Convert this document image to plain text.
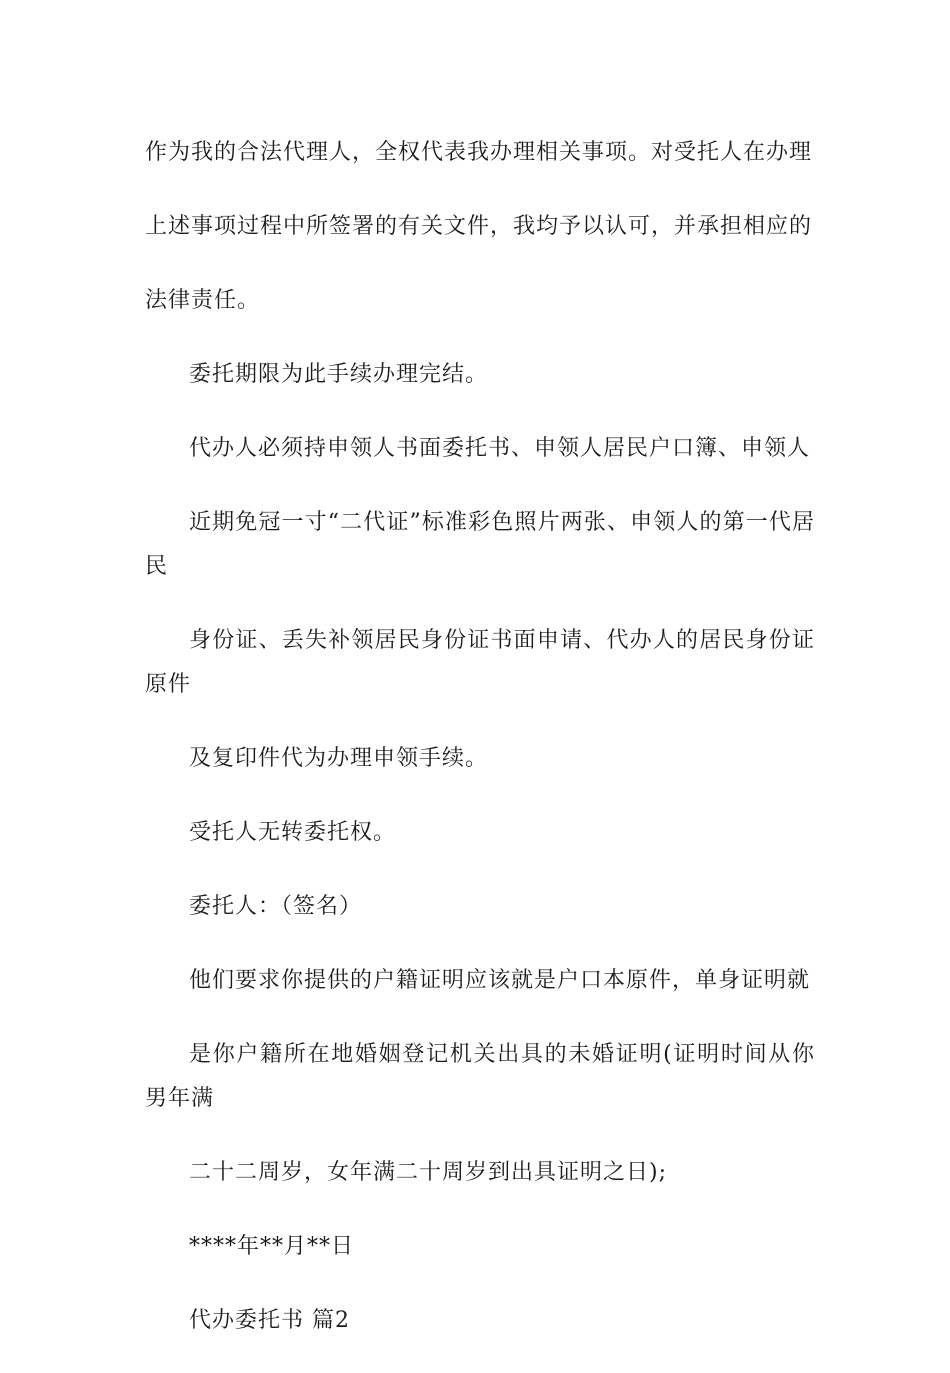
作为我的合法代理人，全权代表我办理相关事项。对受托人在办理
上述事项过程中所签署的有关文件，我均予以认可，并承担相应的
法律责任。

委托期限为此手续办理完结。

代办人必须持申领人书面委托书、申领人居民户口簿、申领人
近期免冠一寸“二代证”标准彩色照片两张、申领人的第一代居民
身份证、丢失补领居民身份证书面申请、代办人的居民身份证原件
及复印件代为办理申领手续。

受托人无转委托权。

委托人：（签名）

他们要求你提供的户籍证明应该就是户口本原件，单身证明就
是你户籍所在地婚姻登记机关出具的未婚证明(证明时间从你男年满
二十二周岁，女年满二十周岁到出具证明之日);

****年**月**日

代办委托书 篇2
